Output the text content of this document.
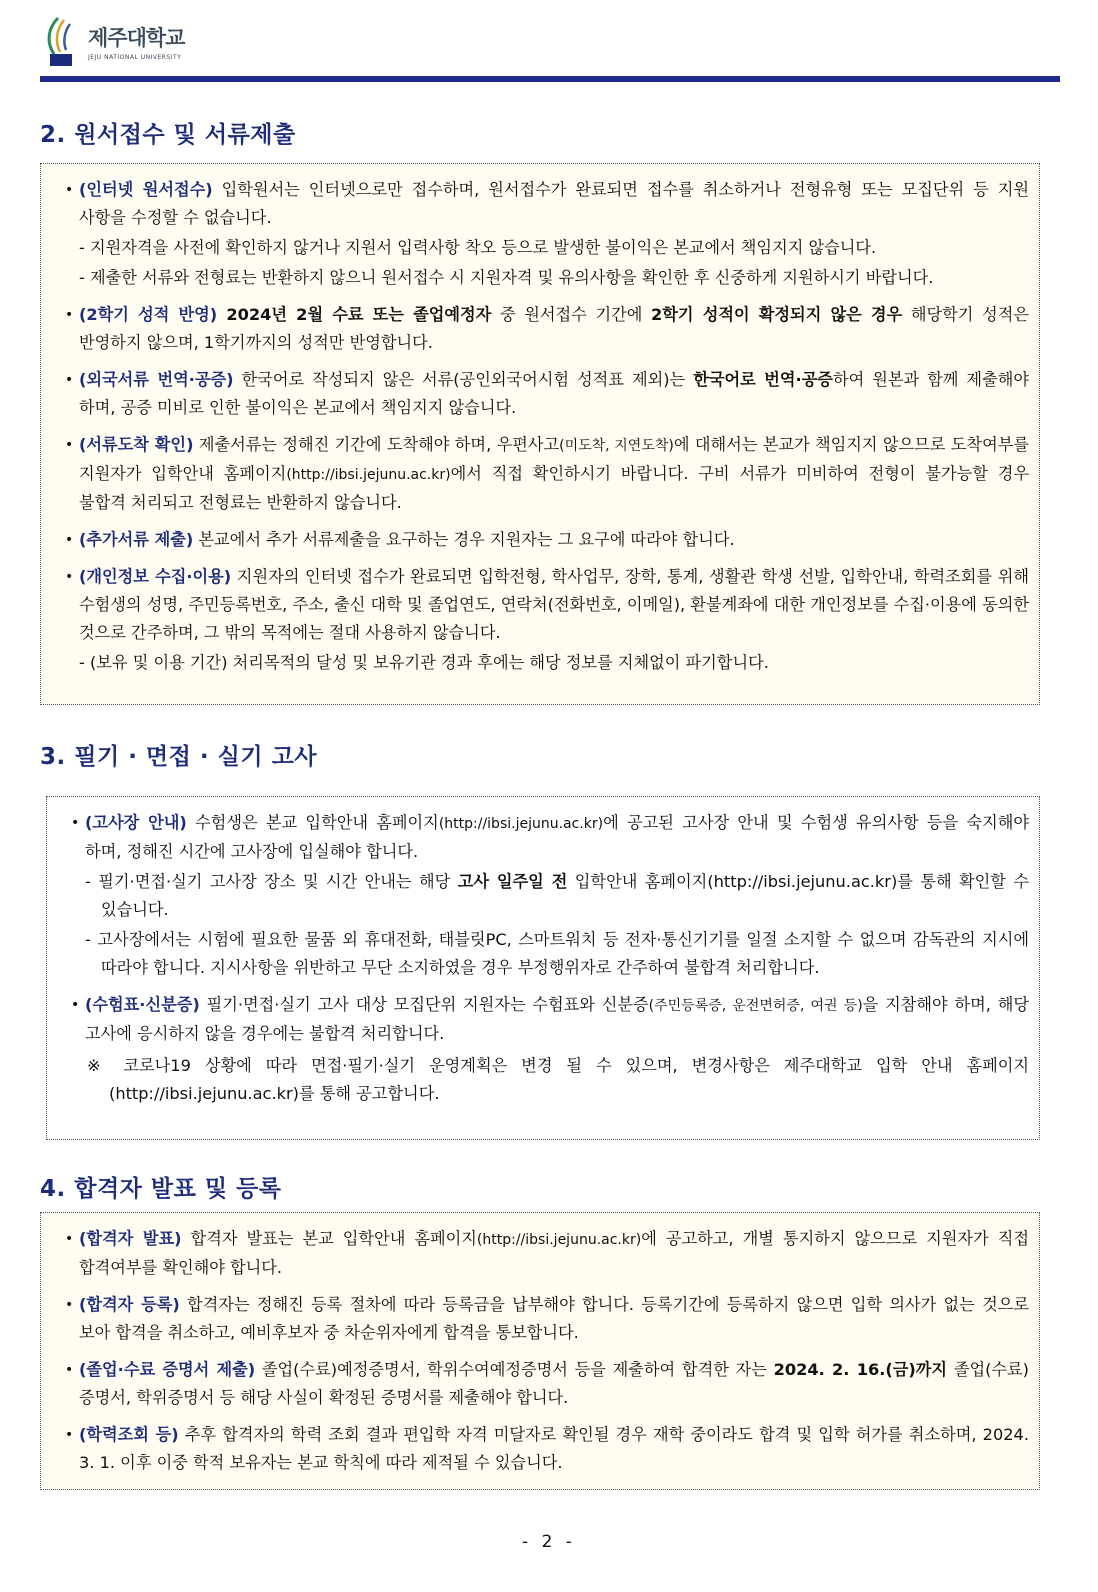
제주대학교
JEJU NATIONAL UNIVERSITY
2. 원서접수 및 서류제출
• (인터넷 원서접수) 입학원서는 인터넷으로만 접수하며, 원서접수가 완료되면 접수를 취소하거나 전형유형 또는 모집단위 등 지원 사항을 수정할 수 없습니다.
- 지원자격을 사전에 확인하지 않거나 지원서 입력사항 착오 등으로 발생한 불이익은 본교에서 책임지지 않습니다.
- 제출한 서류와 전형료는 반환하지 않으니 원서접수 시 지원자격 및 유의사항을 확인한 후 신중하게 지원하시기 바랍니다.
• (2학기 성적 반영) 2024년 2월 수료 또는 졸업예정자 중 원서접수 기간에 2학기 성적이 확정되지 않은 경우 해당학기 성적은 반영하지 않으며, 1학기까지의 성적만 반영합니다.
• (외국서류 번역·공증) 한국어로 작성되지 않은 서류(공인외국어시험 성적표 제외)는 한국어로 번역·공증하여 원본과 함께 제출해야 하며, 공증 미비로 인한 불이익은 본교에서 책임지지 않습니다.
• (서류도착 확인) 제출서류는 정해진 기간에 도착해야 하며, 우편사고(미도착, 지연도착)에 대해서는 본교가 책임지지 않으므로 도착여부를 지원자가 입학안내 홈페이지(http://ibsi.jejunu.ac.kr)에서 직접 확인하시기 바랍니다. 구비 서류가 미비하여 전형이 불가능할 경우 불합격 처리되고 전형료는 반환하지 않습니다.
• (추가서류 제출) 본교에서 추가 서류제출을 요구하는 경우 지원자는 그 요구에 따라야 합니다.
• (개인정보 수집·이용) 지원자의 인터넷 접수가 완료되면 입학전형, 학사업무, 장학, 통계, 생활관 학생 선발, 입학안내, 학력조회를 위해 수험생의 성명, 주민등록번호, 주소, 출신 대학 및 졸업연도, 연락처(전화번호, 이메일), 환불계좌에 대한 개인정보를 수집·이용에 동의한 것으로 간주하며, 그 밖의 목적에는 절대 사용하지 않습니다.
- (보유 및 이용 기간) 처리목적의 달성 및 보유기관 경과 후에는 해당 정보를 지체없이 파기합니다.
3. 필기 · 면접 · 실기 고사
• (고사장 안내) 수험생은 본교 입학안내 홈페이지(http://ibsi.jejunu.ac.kr)에 공고된 고사장 안내 및 수험생 유의사항 등을 숙지해야 하며, 정해진 시간에 고사장에 입실해야 합니다.
- 필기·면접·실기 고사장 장소 및 시간 안내는 해당 고사 일주일 전 입학안내 홈페이지(http://ibsi.jejunu.ac.kr)를 통해 확인할 수 있습니다.
- 고사장에서는 시험에 필요한 물품 외 휴대전화, 태블릿PC, 스마트워치 등 전자·통신기기를 일절 소지할 수 없으며 감독관의 지시에 따라야 합니다. 지시사항을 위반하고 무단 소지하였을 경우 부정행위자로 간주하여 불합격 처리합니다.
• (수험표·신분증) 필기·면접·실기 고사 대상 모집단위 지원자는 수험표와 신분증(주민등록증, 운전면허증, 여권 등)을 지참해야 하며, 해당 고사에 응시하지 않을 경우에는 불합격 처리합니다.
※ 코로나19 상황에 따라 면접·필기·실기 운영계획은 변경 될 수 있으며, 변경사항은 제주대학교 입학 안내 홈페이지(http://ibsi.jejunu.ac.kr)를 통해 공고합니다.
4. 합격자 발표 및 등록
• (합격자 발표) 합격자 발표는 본교 입학안내 홈페이지(http://ibsi.jejunu.ac.kr)에 공고하고, 개별 통지하지 않으므로 지원자가 직접 합격여부를 확인해야 합니다.
• (합격자 등록) 합격자는 정해진 등록 절차에 따라 등록금을 납부해야 합니다. 등록기간에 등록하지 않으면 입학 의사가 없는 것으로 보아 합격을 취소하고, 예비후보자 중 차순위자에게 합격을 통보합니다.
• (졸업·수료 증명서 제출) 졸업(수료)예정증명서, 학위수여예정증명서 등을 제출하여 합격한 자는 2024. 2. 16.(금)까지 졸업(수료)증명서, 학위증명서 등 해당 사실이 확정된 증명서를 제출해야 합니다.
• (학력조회 등) 추후 합격자의 학력 조회 결과 편입학 자격 미달자로 확인될 경우 재학 중이라도 합격 및 입학 허가를 취소하며, 2024. 3. 1. 이후 이중 학적 보유자는 본교 학칙에 따라 제적될 수 있습니다.
- 2 -
